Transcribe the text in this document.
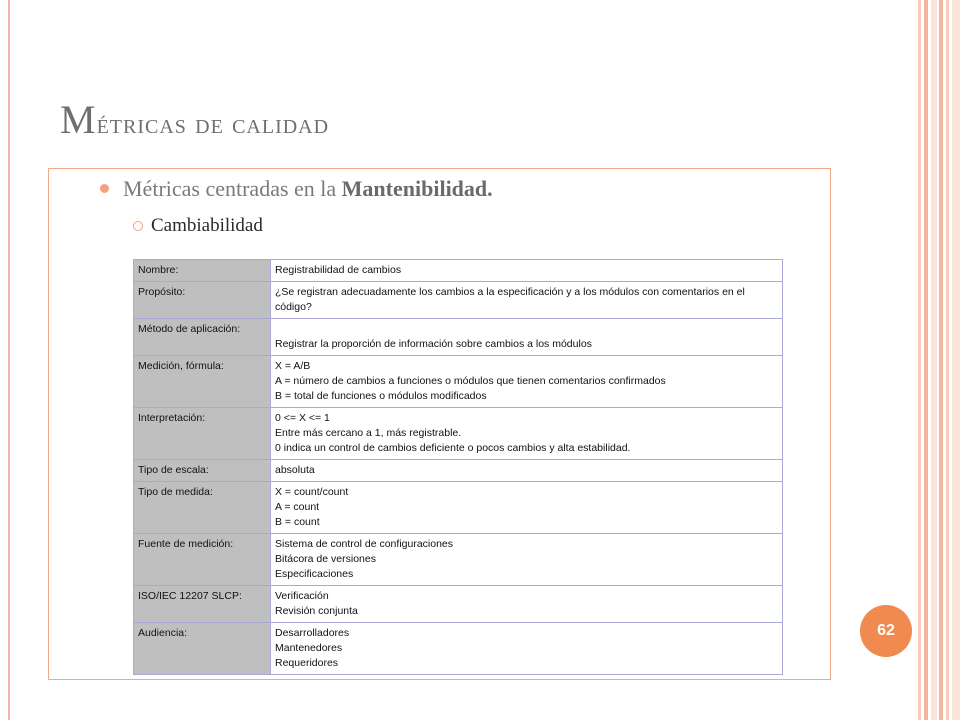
Métricas de calidad
Métricas centradas en la Mantenibilidad.
Cambiabilidad
Nombre:	Registrabilidad de cambios

Propósito:	¿Se registran adecuadamente los cambios a la especificación y a los módulos con comentarios en el
código?

Método de aplicación:	Registrar la proporción de información sobre cambios a los módulos

Medición, fórmula:	X = A/B
A = número de cambios a funciones o módulos que tienen comentarios confirmados
B = total de funciones o módulos modificados

Interpretación:	0 <= X <= 1
Entre más cercano a 1, más registrable.
0 indica un control de cambios deficiente o pocos cambios y alta estabilidad.

Tipo de escala:	absoluta

Tipo de medida:	X = count/count
A = count
B = count

Fuente de medición:	Sistema de control de configuraciones
Bitácora de versiones
Especificaciones

ISO/IEC 12207 SLCP:	Verificación
Revisión conjunta

Audiencia:	Desarrolladores
Mantenedores
Requeridores
62
